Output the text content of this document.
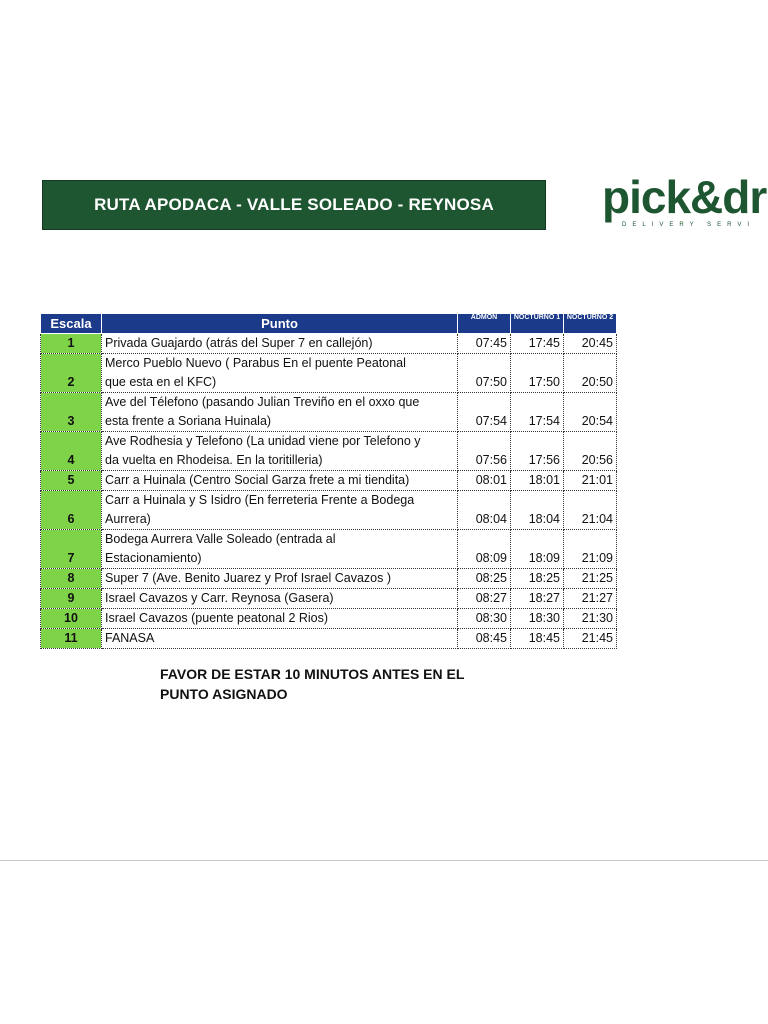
RUTA APODACA - VALLE SOLEADO - REYNOSA pick&dr
DELIVERY SERVI
Escala	Punto	ADMÓN	NOCTURNO 1	NOCTURNO 2
1	Privada Guajardo (atrás del Super 7 en callejón)	07:45	17:45	20:45
2	Merco Pueblo Nuevo ( Parabus En el puente Peatonal
que esta en el KFC)	07:50	17:50	20:50
3	Ave del Télefono (pasando Julian Treviño en el oxxo que
esta frente a Soriana Huinala)	07:54	17:54	20:54
4	Ave Rodhesia y Telefono (La unidad viene por Telefono y
da vuelta en Rhodeisa. En la toritilleria)	07:56	17:56	20:56
5	Carr a Huinala (Centro Social Garza frete a mi tiendita)	08:01	18:01	21:01
6	Carr a Huinala y S Isidro (En ferreteria Frente a Bodega
Aurrera)	08:04	18:04	21:04
7	Bodega Aurrera Valle Soleado (entrada al
Estacionamiento)	08:09	18:09	21:09
8	Super 7 (Ave. Benito Juarez y Prof Israel Cavazos )	08:25	18:25	21:25
9	Israel Cavazos y Carr. Reynosa (Gasera)	08:27	18:27	21:27
10	Israel Cavazos (puente peatonal 2 Rios)	08:30	18:30	21:30
11	FANASA	08:45	18:45	21:45
FAVOR DE ESTAR 10 MINUTOS ANTES EN EL
PUNTO ASIGNADO
